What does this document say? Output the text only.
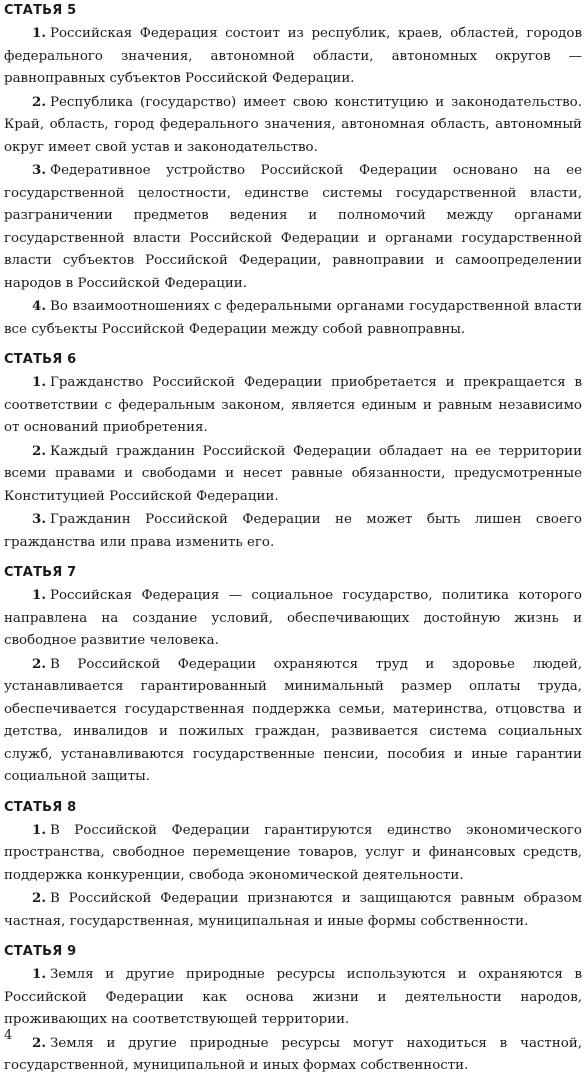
СТАТЬЯ 5

1. Российская Федерация состоит из республик, краев, областей, городов федерального значения, автономной области, автономных округов — равноправных субъектов Российской Федерации.

2. Республика (государство) имеет свою конституцию и законодательство. Край, область, город федерального значения, автономная область, автономный округ имеет свой устав и законодательство.

3. Федеративное устройство Российской Федерации основано на ее государственной целостности, единстве системы государственной власти, разграничении предметов ведения и полномочий между органами государственной власти Российской Федерации и органами государственной власти субъектов Российской Федерации, равноправии и самоопределении народов в Российской Федерации.

4. Во взаимоотношениях с федеральными органами государственной власти все субъекты Российской Федерации между собой равноправны.

СТАТЬЯ 6

1. Гражданство Российской Федерации приобретается и прекращается в соответствии с федеральным законом, является единым и равным независимо от оснований приобретения.

2. Каждый гражданин Российской Федерации обладает на ее территории всеми правами и свободами и несет равные обязанности, предусмотренные Конституцией Российской Федерации.

3. Гражданин Российской Федерации не может быть лишен своего гражданства или права изменить его.

СТАТЬЯ 7

1. Российская Федерация — социальное государство, политика которого направлена на создание условий, обеспечивающих достойную жизнь и свободное развитие человека.

2. В Российской Федерации охраняются труд и здоровье людей, устанавливается гарантированный минимальный размер оплаты труда, обеспечивается государственная поддержка семьи, материнства, отцовства и детства, инвалидов и пожилых граждан, развивается система социальных служб, устанавливаются государственные пенсии, пособия и иные гарантии социальной защиты.

СТАТЬЯ 8

1. В Российской Федерации гарантируются единство экономического пространства, свободное перемещение товаров, услуг и финансовых средств, поддержка конкуренции, свобода экономической деятельности.

2. В Российской Федерации признаются и защищаются равным образом частная, государственная, муниципальная и иные формы собственности.

СТАТЬЯ 9

1. Земля и другие природные ресурсы используются и охраняются в Российской Федерации как основа жизни и деятельности народов, проживающих на соответствующей территории.

2. Земля и другие природные ресурсы могут находиться в частной, государственной, муниципальной и иных формах собственности.

4
